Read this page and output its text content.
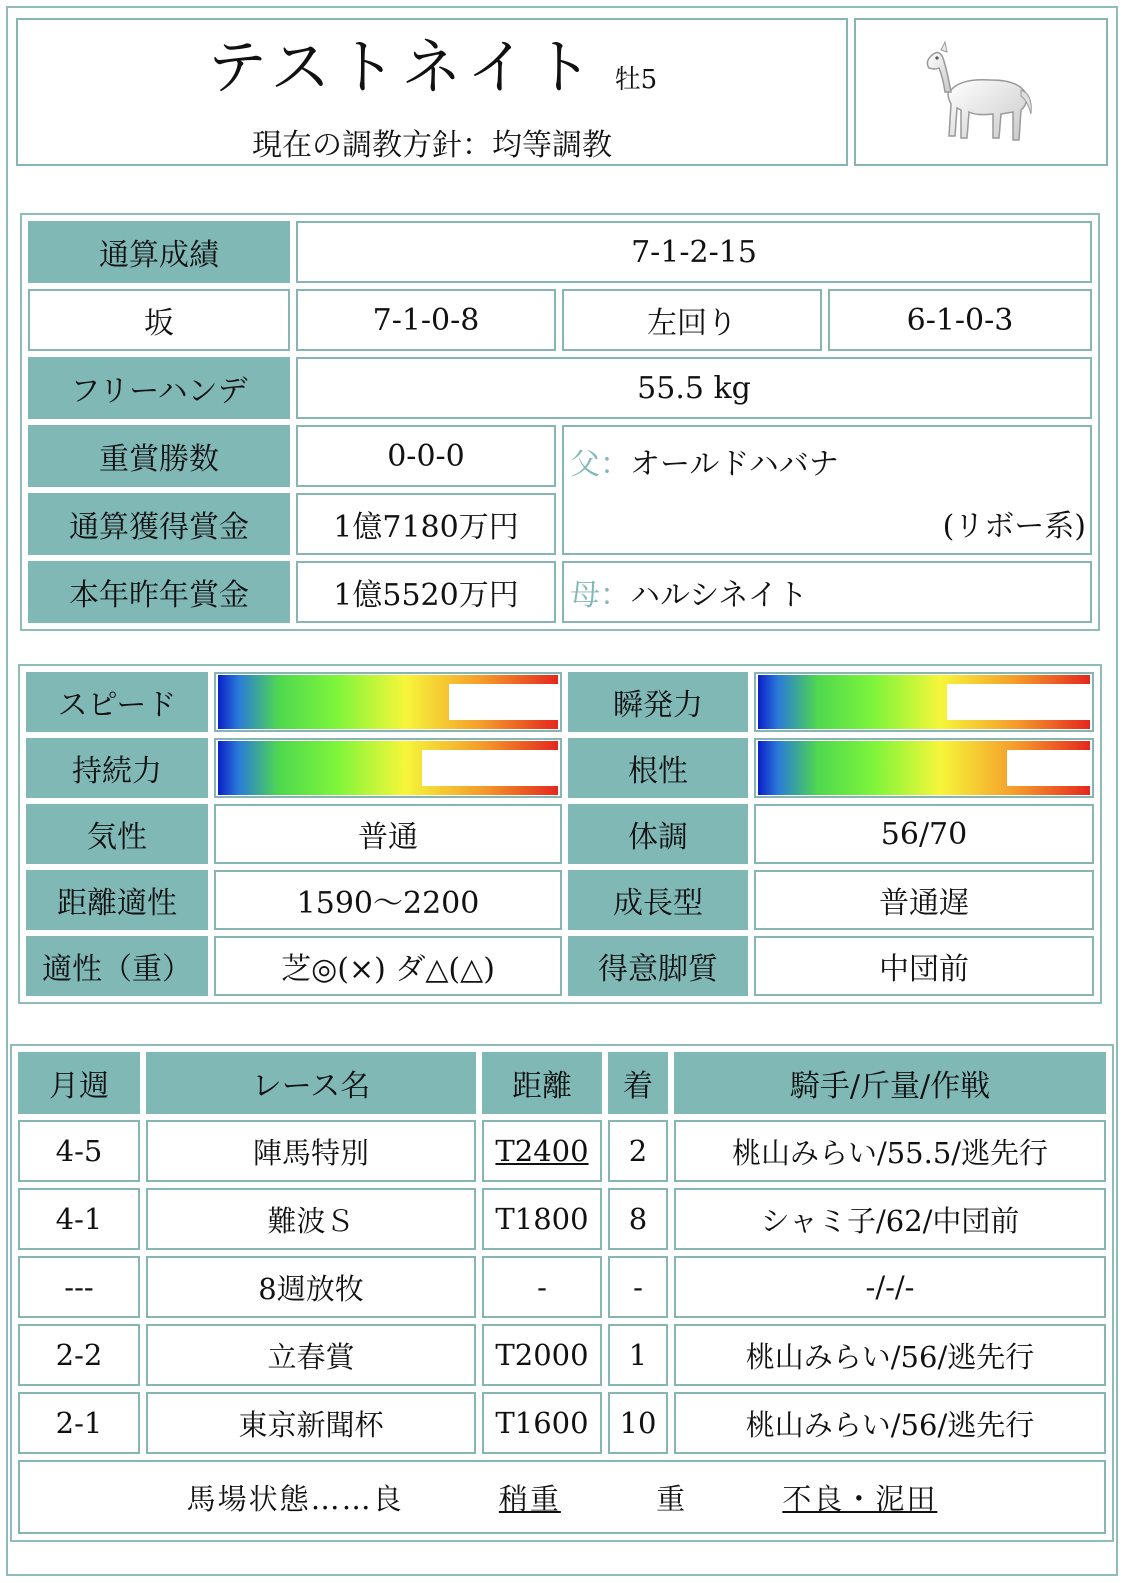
テストネイト 牡5
現在の調教方針：均等調教

通算成績	7-1-2-15		
坂	7-1-0-8	左回り	6-1-0-3
フリーハンデ	55.5 kg		
重賞勝数	0-0-0	父：オールドハバナ
(リボー系)	

通算獲得賞金	1億7180万円		
本年昨年賞金	1億5520万円	母：ハルシネイト	
スピード		瞬発力	

持続力		根性	

気性	普通	体調	56/70
距離適性	1590〜2200	成長型	普通遅
適性（重）	芝◎(×) ダ△(△)	得意脚質	中団前
月週	レース名	距離	着	騎手/斤量/作戦
4-5	陣馬特別	T2400	2	桃山みらい/55.5/逃先行
4-1	難波Ｓ	T1800	8	シャミ子/62/中団前
---	8週放牧	-	-	-/-/-
2-2	立春賞	T2000	1	桃山みらい/56/逃先行
2-1	東京新聞杯	T1600	10	桃山みらい/56/逃先行
馬場状態……良 稍重 重 不良・泥田				
